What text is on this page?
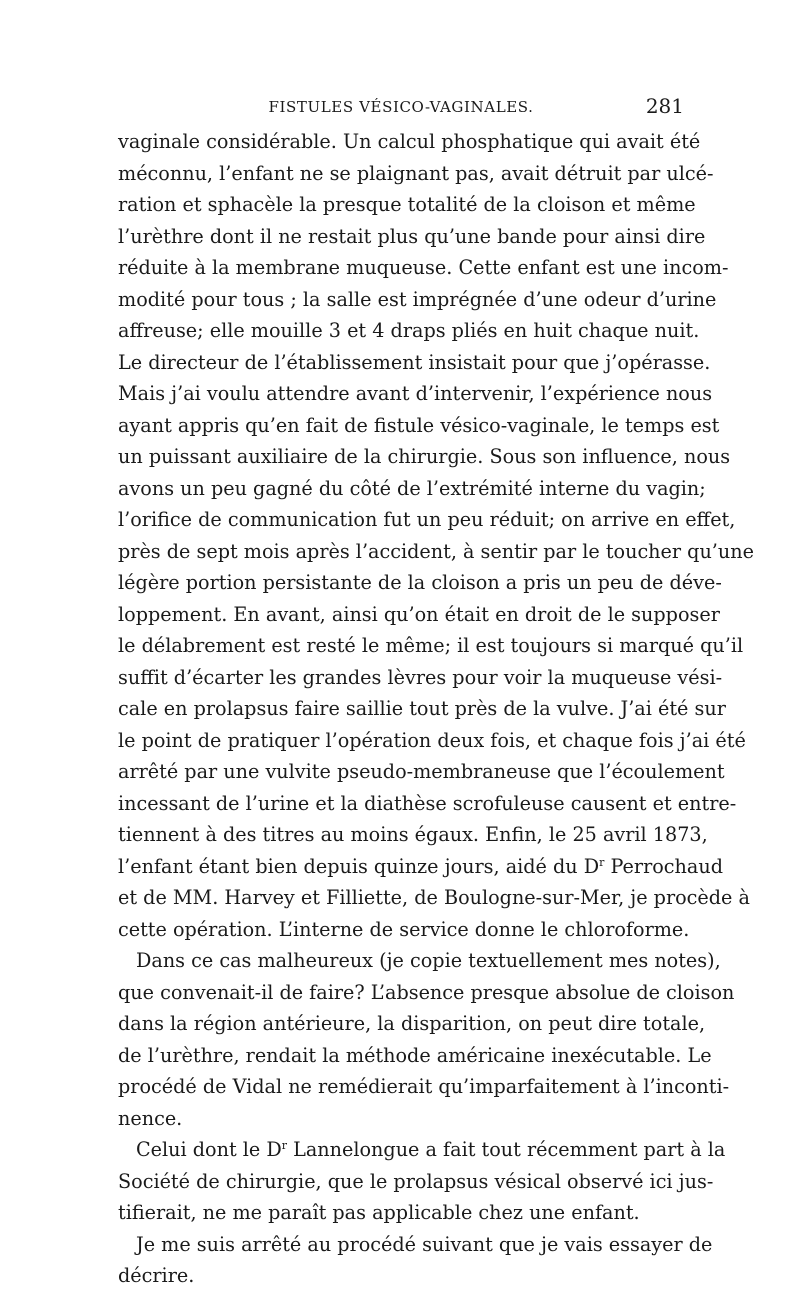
FISTULES VÉSICO-VAGINALES.	281
vaginale considérable. Un calcul phosphatique qui avait été
méconnu, l’enfant ne se plaignant pas, avait détruit par ulcé-
ration et sphacèle la presque totalité de la cloison et même
l’urèthre dont il ne restait plus qu’une bande pour ainsi dire
réduite à la membrane muqueuse. Cette enfant est une incom-
modité pour tous ; la salle est imprégnée d’une odeur d’urine
affreuse; elle mouille 3 et 4 draps pliés en huit chaque nuit.
Le directeur de l’établissement insistait pour que j’opérasse.
Mais j’ai voulu attendre avant d’intervenir, l’expérience nous
ayant appris qu’en fait de fistule vésico-vaginale, le temps est
un puissant auxiliaire de la chirurgie. Sous son influence, nous
avons un peu gagné du côté de l’extrémité interne du vagin;
l’orifice de communication fut un peu réduit; on arrive en effet,
près de sept mois après l’accident, à sentir par le toucher qu’une
légère portion persistante de la cloison a pris un peu de déve-
loppement. En avant, ainsi qu’on était en droit de le supposer
le délabrement est resté le même; il est toujours si marqué qu’il
suffit d’écarter les grandes lèvres pour voir la muqueuse vési-
cale en prolapsus faire saillie tout près de la vulve. J’ai été sur
le point de pratiquer l’opération deux fois, et chaque fois j’ai été
arrêté par une vulvite pseudo-membraneuse que l’écoulement
incessant de l’urine et la diathèse scrofuleuse causent et entre-
tiennent à des titres au moins égaux. Enfin, le 25 avril 1873,
l’enfant étant bien depuis quinze jours, aidé du $D^r$ Perrochaud
et de MM. Harvey et Filliette, de Boulogne-sur-Mer, je procède à
cette opération. L’interne de service donne le chloroforme.
Dans ce cas malheureux (je copie textuellement mes notes),
que convenait-il de faire? L’absence presque absolue de cloison
dans la région antérieure, la disparition, on peut dire totale,
de l’urèthre, rendait la méthode américaine inexécutable. Le
procédé de Vidal ne remédierait qu’imparfaitement à l’inconti-
nence.
Celui dont le $D^r$ Lannelongue a fait tout récemment part à la
Société de chirurgie, que le prolapsus vésical observé ici jus-
tifierait, ne me paraît pas applicable chez une enfant.
Je me suis arrêté au procédé suivant que je vais essayer de
décrire.
